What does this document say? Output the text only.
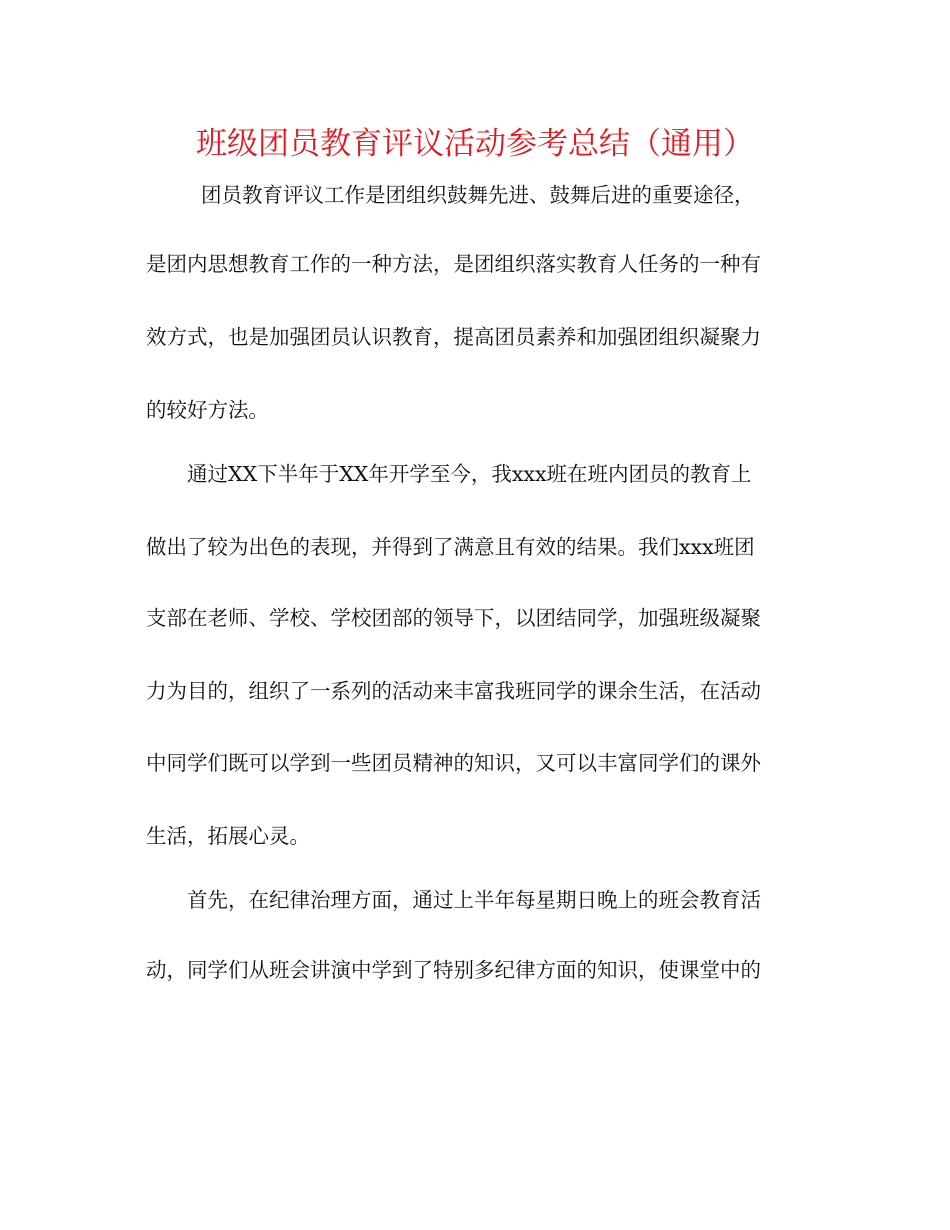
班级团员教育评议活动参考总结（通用）

团员教育评议工作是团组织鼓舞先进、鼓舞后进的重要途径，

是团内思想教育工作的一种方法，是团组织落实教育人任务的一种有

效方式，也是加强团员认识教育，提高团员素养和加强团组织凝聚力

的较好方法。

通过XX下半年于XX年开学至今，我xxx班在班内团员的教育上

做出了较为出色的表现，并得到了满意且有效的结果。我们xxx班团

支部在老师、学校、学校团部的领导下，以团结同学，加强班级凝聚

力为目的，组织了一系列的活动来丰富我班同学的课余生活，在活动

中同学们既可以学到一些团员精神的知识，又可以丰富同学们的课外

生活，拓展心灵。

首先，在纪律治理方面，通过上半年每星期日晚上的班会教育活

动，同学们从班会讲演中学到了特别多纪律方面的知识，使课堂中的
